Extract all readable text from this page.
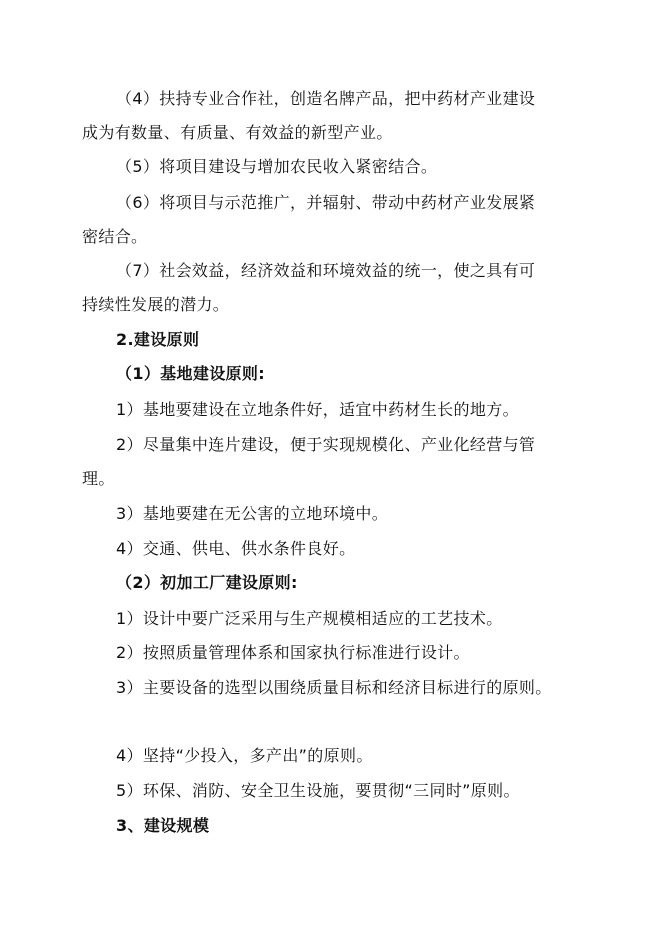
（4）扶持专业合作社，创造名牌产品，把中药材产业建设
成为有数量、有质量、有效益的新型产业。
（5）将项目建设与增加农民收入紧密结合。
（6）将项目与示范推广，并辐射、带动中药材产业发展紧
密结合。
（7）社会效益，经济效益和环境效益的统一，使之具有可
持续性发展的潜力。
2.建设原则
（1）基地建设原则:
1）基地要建设在立地条件好，适宜中药材生长的地方。
2）尽量集中连片建设，便于实现规模化、产业化经营与管
理。
3）基地要建在无公害的立地环境中。
4）交通、供电、供水条件良好。
（2）初加工厂建设原则:
1）设计中要广泛采用与生产规模相适应的工艺技术。
2）按照质量管理体系和国家执行标准进行设计。
3）主要设备的选型以围绕质量目标和经济目标进行的原则。
4）坚持“少投入，多产出”的原则。
5）环保、消防、安全卫生设施，要贯彻“三同时”原则。
3、建设规模
